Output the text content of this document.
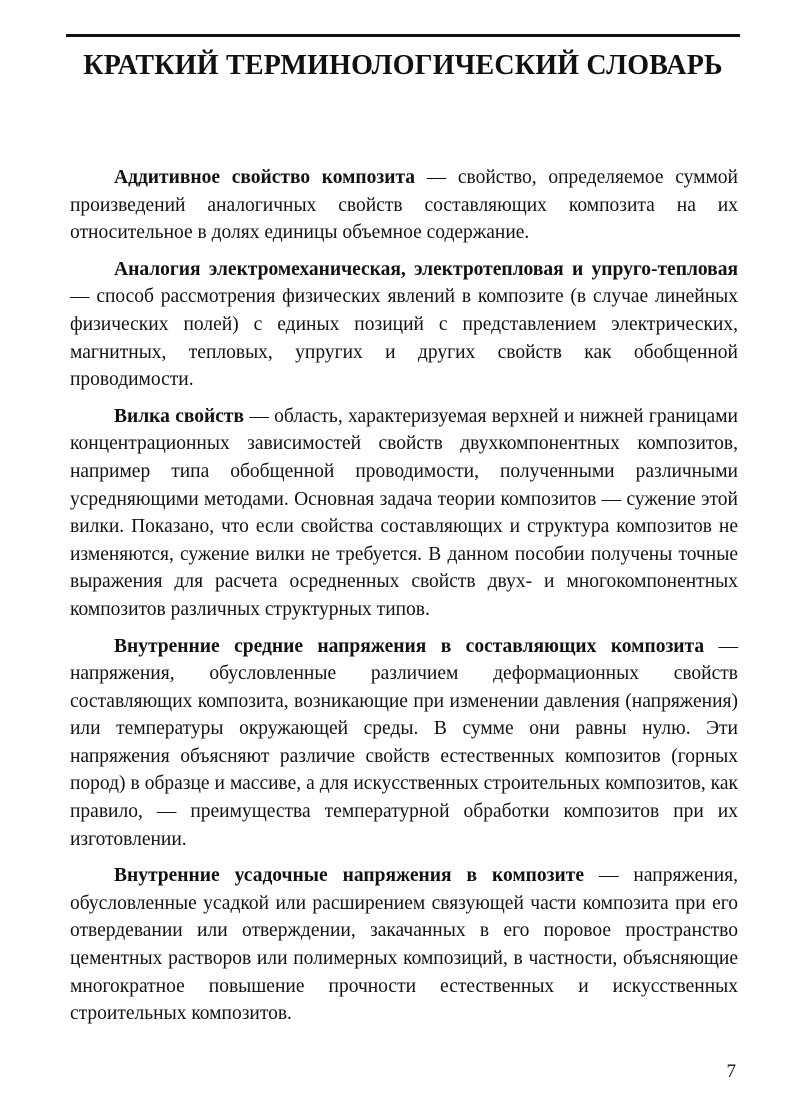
КРАТКИЙ ТЕРМИНОЛОГИЧЕСКИЙ СЛОВАРЬ

Аддитивное свойство композита — свойство, определяемое суммой произведений аналогичных свойств составляющих композита на их относительное в долях единицы объемное содержание.

Аналогия электромеханическая, электротепловая и упруго-тепловая — способ рассмотрения физических явлений в композите (в случае линейных физических полей) с единых позиций с представлением электрических, магнитных, тепловых, упругих и других свойств как обобщенной проводимости.

Вилка свойств — область, характеризуемая верхней и нижней границами концентрационных зависимостей свойств двухкомпонентных композитов, например типа обобщенной проводимости, полученными различными усредняющими методами. Основная задача теории композитов — сужение этой вилки. Показано, что если свойства составляющих и структура композитов не изменяются, сужение вилки не требуется. В данном пособии получены точные выражения для расчета осредненных свойств двух- и многокомпонентных композитов различных структурных типов.

Внутренние средние напряжения в составляющих композита — напряжения, обусловленные различием деформационных свойств составляющих композита, возникающие при изменении давления (напряжения) или температуры окружающей среды. В сумме они равны нулю. Эти напряжения объясняют различие свойств естественных композитов (горных пород) в образце и массиве, а для искусственных строительных композитов, как правило, — преимущества температурной обработки композитов при их изготовлении.

Внутренние усадочные напряжения в композите — напряжения, обусловленные усадкой или расширением связующей части композита при его отвердевании или отверждении, закачанных в его поровое пространство цементных растворов или полимерных композиций, в частности, объясняющие многократное повышение прочности естественных и искусственных строительных композитов.

7
